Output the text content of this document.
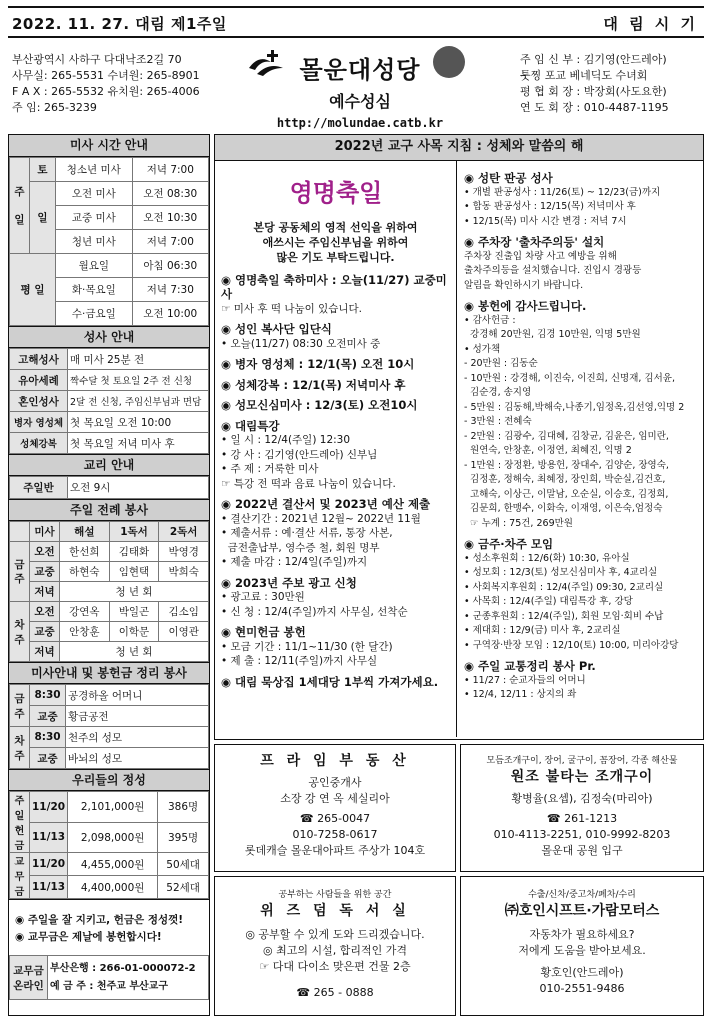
2022. 11. 27. 대림 제1주일	대 림 시 기
부산광역시 사하구 다대낙조2길 70
사무실: 265-5531 수녀원: 265-8901
F A X : 265-5532 유치원: 265-4006
주 임: 265-3239
몰운대성당
예수성심
http://molundae.catb.kr
주 임 신 부 : 김기영(안드레아)
툿찡 포교 베네딕도 수녀회
평 협 회 장 : 박장회(사도요한)
연 도 회 장 : 010-4487-1195
미사 시간 안내
주
일	토	청소년 미사	저녁 7:00
	일	오전 미사	오전 08:30
		교중 미사	오전 10:30
		청년 미사	저녁 7:00
평 일		월요일	아침 06:30
		화·목요일	저녁 7:30
		수·금요일	오전 10:00
성사 안내
고해성사	매 미사 25분 전
유아세례	짝수달 첫 토요일 2주 전 신청
혼인성사	2달 전 신청, 주임신부님과 면담
병자 영성체	첫 목요일 오전 10:00
성체강복	첫 목요일 저녁 미사 후
교리 안내
주일반	오전 9시
주일 전례 봉사
	미사	해설	1독서	2독서
금주	오전	한선희	김태화	박영경
	교중	하현숙	임현택	박희숙
	저녁	청 년 회		
차주	오전	강연옥	박일곤	김소임
	교중	안창훈	이학문	이영관
	저녁	청 년 회		
미사안내 및 봉헌금 정리 봉사
금주	8:30	공경하올 어머니
	교중	황금공전
차주	8:30	천주의 성모
	교중	바뇌의 성모
우리들의 정성
주일헌금	11/20	2,101,000원	386명
	11/13	2,098,000원	395명
교무금	11/20	4,455,000원	50세대
	11/13	4,400,000원	52세대
◉ 주일을 잘 지키고, 헌금은 정성껏!
◉ 교무금은 제날에 봉헌합시다!
교무금 온라인	
부산은행 : 266-01-000072-2
예 금 주 : 천주교 부산교구
2022년 교구 사목 지침 : 성체와 말씀의 해
영명축일
본당 공동체의 영적 선익을 위하여
애쓰시는 주임신부님을 위하여
많은 기도 부탁드립니다.
◉ 영명축일 축하미사 : 오늘(11/27) 교중미사
☞ 미사 후 떡 나눔이 있습니다.
◉ 성인 복사단 입단식
• 오늘(11/27) 08:30 오전미사 중
◉ 병자 영성체 : 12/1(목) 오전 10시
◉ 성체강복 : 12/1(목) 저녁미사 후
◉ 성모신심미사 : 12/3(토) 오전10시
◉ 대림특강
• 일 시 : 12/4(주일) 12:30
• 강 사 : 김기영(안드레아) 신부님
• 주 제 : 거룩한 미사
☞ 특강 전 떡과 음료 나눔이 있습니다.
◉ 2022년 결산서 및 2023년 예산 제출
• 결산기간 : 2021년 12월~ 2022년 11월
• 제출서류 : 예·결산 서류, 통장 사본,
금전출납부, 영수증 철, 회원 명부
• 제출 마감 : 12/4일(주일)까지
◉ 2023년 주보 광고 신청
• 광고료 : 30만원
• 신 청 : 12/4(주일)까지 사무실, 선착순
◉ 현미헌금 봉헌
• 모금 기간 : 11/1~11/30 (한 달간)
• 제 출 : 12/11(주일)까지 사무실
◉ 대림 묵상집 1세대당 1부씩 가져가세요.
◉ 성탄 판공 성사
• 개별 판공성사 : 11/26(토) ~ 12/23(금)까지
• 합동 판공성사 : 12/15(목) 저녁미사 후
• 12/15(목) 미사 시간 변경 : 저녁 7시
◉ 주차장 '출차주의등' 설치
주차장 진출입 차량 사고 예방을 위해
출차주의등을 설치했습니다. 진입시 경광등
알림을 확인하시기 바랍니다.
◉ 봉헌에 감사드립니다.
• 감사헌금 :
강경해 20만원, 김경 10만원, 익명 5만원
• 성가책
- 20만원 : 김동순
- 10만원 : 강경해, 이진숙, 이진희, 신명재, 김서윤,
김순경, 송지영
- 5만원 : 김동해,박해숙,나종기,임정옥,김선영,익명 2
- 3만원 : 전혜숙
- 2만원 : 김광수, 김대혜, 김창균, 김윤은, 임미란,
원연숙, 안창훈, 이정연, 최혜진, 익명 2
- 1만원 : 장정환, 방용헌, 장대수, 김양순, 장영숙,
김정훈, 정해숙, 최혜정, 장인희, 박순실,김건호,
고해숙, 이상근, 이말남, 오순실, 이승호, 김정희,
김문희, 한맹수, 이화숙, 이재영, 이은숙,엄정숙
☞ 누계 : 75건, 269만원
◉ 금주·차주 모임
• 성소후원회 : 12/6(화) 10:30, 유아실
• 성모회 : 12/3(토) 성모신심미사 후, 4교리실
• 사회복지후원회 : 12/4(주일) 09:30, 2교리실
• 사목회 : 12/4(주일) 대림특강 후, 강당
• 군종후원회 : 12/4(주일), 회원 모임·회비 수납
• 제대회 : 12/9(금) 미사 후, 2교리실
• 구역장·반장 모임 : 12/10(토) 10:00, 미리아강당
◉ 주일 교통정리 봉사 Pr.
• 11/27 : 순교자들의 어머니
• 12/4, 12/11 : 상지의 좌
프 라 임 부 동 산
공인중개사
소장 강 연 옥 세실리아
☎ 265-0047
010-7258-0617
롯데캐슬 몰운대아파트 주상가 104호
모듬조개구이, 장어, 굴구이, 꼼장어, 각종 해산물
원조 불타는 조개구이
황병율(요셉), 김정숙(마리아)
☎ 261-1213
010-4113-2251, 010-9992-8203
몰운대 공원 입구
공부하는 사람들을 위한 공간
위 즈 덤 독 서 실
◎ 공부할 수 있게 도와 드리겠습니다.
◎ 최고의 시설, 합리적인 가격
☞ 다대 다이소 맞은편 건물 2층
☎ 265 - 0888
수출/신차/중고차/폐차/수리
㈜호인시프트·가람모터스
자동차가 필요하세요?
저에게 도움을 받아보세요.
황호인(안드레아)
010-2551-9486
